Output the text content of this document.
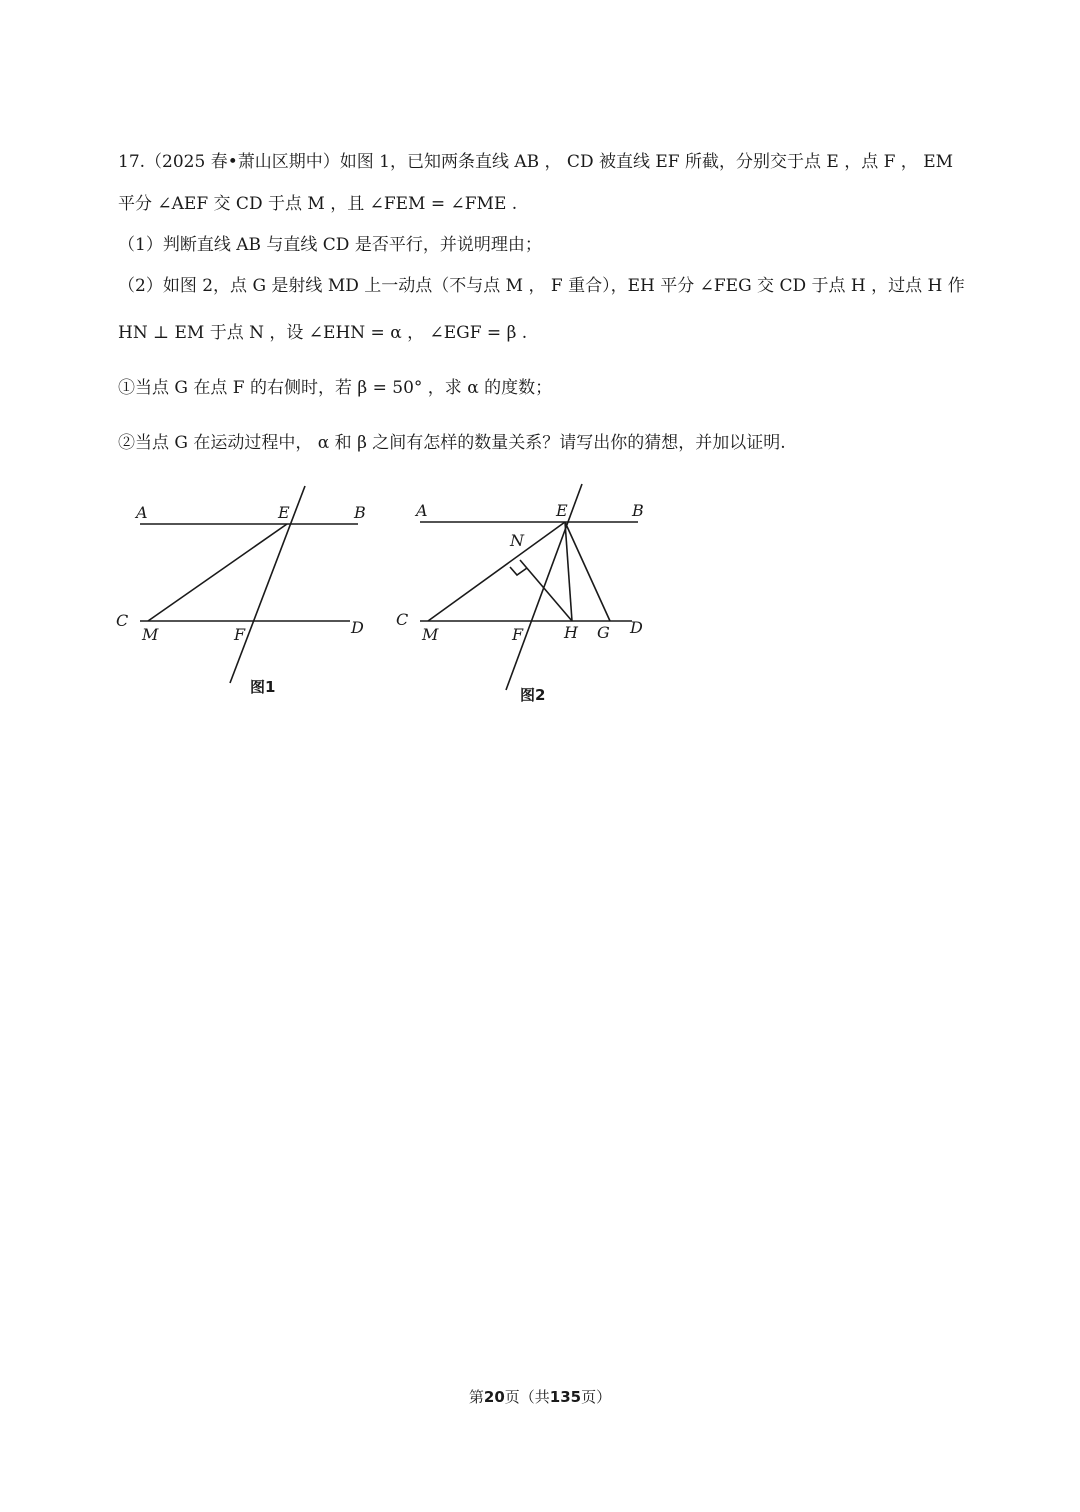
17.（2025 春•萧山区期中）如图 1，已知两条直线 AB ， CD 被直线 EF 所截，分别交于点 E ，点 F ， EM
平分 ∠AEF 交 CD 于点 M ，且 ∠FEM = ∠FME .
（1）判断直线 AB 与直线 CD 是否平行，并说明理由；
（2）如图 2，点 G 是射线 MD 上一动点（不与点 M ， F 重合），EH 平分 ∠FEG 交 CD 于点 H ，过点 H 作
HN ⊥ EM 于点 N ，设 ∠EHN = α ， ∠EGF = β .
①当点 G 在点 F 的右侧时，若 β = 50° ，求 α 的度数；
②当点 G 在运动过程中， α 和 β 之间有怎样的数量关系？请写出你的猜想，并加以证明.
A	E	B
C
M	F	D
图1
A	E	B
N
C
M	F	H G D
图2
第20页（共135页）
